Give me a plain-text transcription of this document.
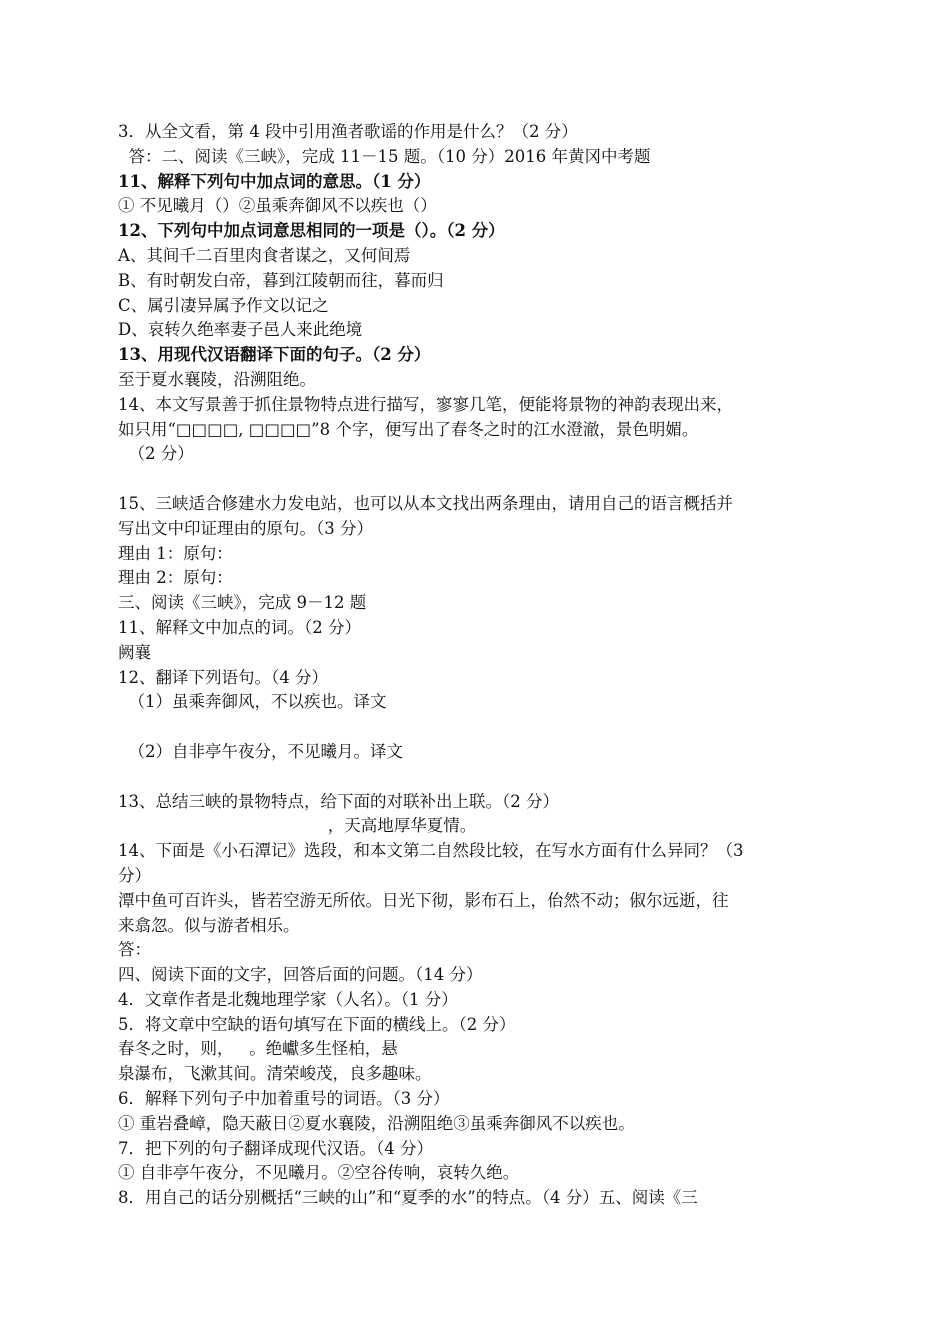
3．从全文看，第 4 段中引用渔者歌谣的作用是什么？（2 分）

答：二、阅读《三峡》，完成 11－15 题。（10 分）2016 年黄冈中考题

11、解释下列句中加点词的意思。（1 分）

① 不见曦月（）②虽乘奔御风不以疾也（）

12、下列句中加点词意思相同的一项是（）。（2 分）

A、其间千二百里肉食者谋之，又何间焉

B、有时朝发白帝，暮到江陵朝而往，暮而归

C、属引凄异属予作文以记之

D、哀转久绝率妻子邑人来此绝境

13、用现代汉语翻译下面的句子。（2 分）

至于夏水襄陵，沿溯阻绝。

14、本文写景善于抓住景物特点进行描写，寥寥几笔，便能将景物的神韵表现出来，

如只用“□□□□, □□□□”8 个字，便写出了春冬之时的江水澄澈，景色明媚。

（2 分）

15、三峡适合修建水力发电站，也可以从本文找出两条理由，请用自己的语言概括并

写出文中印证理由的原句。（3 分）

理由 1：原句：

理由 2：原句：

三、阅读《三峡》，完成 9－12 题

11、解释文中加点的词。（2 分）

阙襄

12、翻译下列语句。（4 分）

（1）虽乘奔御风，不以疾也。译文

（2）自非亭午夜分，不见曦月。译文

13、总结三峡的景物特点，给下面的对联补出上联。（2 分）

，天高地厚华夏情。

14、下面是《小石潭记》选段，和本文第二自然段比较，在写水方面有什么异同？（3

分）

潭中鱼可百许头，皆若空游无所依。日光下彻，影布石上，佁然不动；俶尔远逝，往

来翕忽。似与游者相乐。

答：

四、阅读下面的文字，回答后面的问题。（14 分）

4．文章作者是北魏地理学家（人名）。（1 分）

5．将文章中空缺的语句填写在下面的横线上。（2 分）

春冬之时，则，   。绝巘多生怪柏，悬

泉瀑布，飞漱其间。清荣峻茂，良多趣味。

6．解释下列句子中加着重号的词语。（3 分）

① 重岩叠嶂，隐天蔽日②夏水襄陵，沿溯阻绝③虽乘奔御风不以疾也。

7．把下列的句子翻译成现代汉语。（4 分）

① 自非亭午夜分，不见曦月。②空谷传响，哀转久绝。

8．用自己的话分别概括“三峡的山”和“夏季的水”的特点。（4 分）五、阅读《三
